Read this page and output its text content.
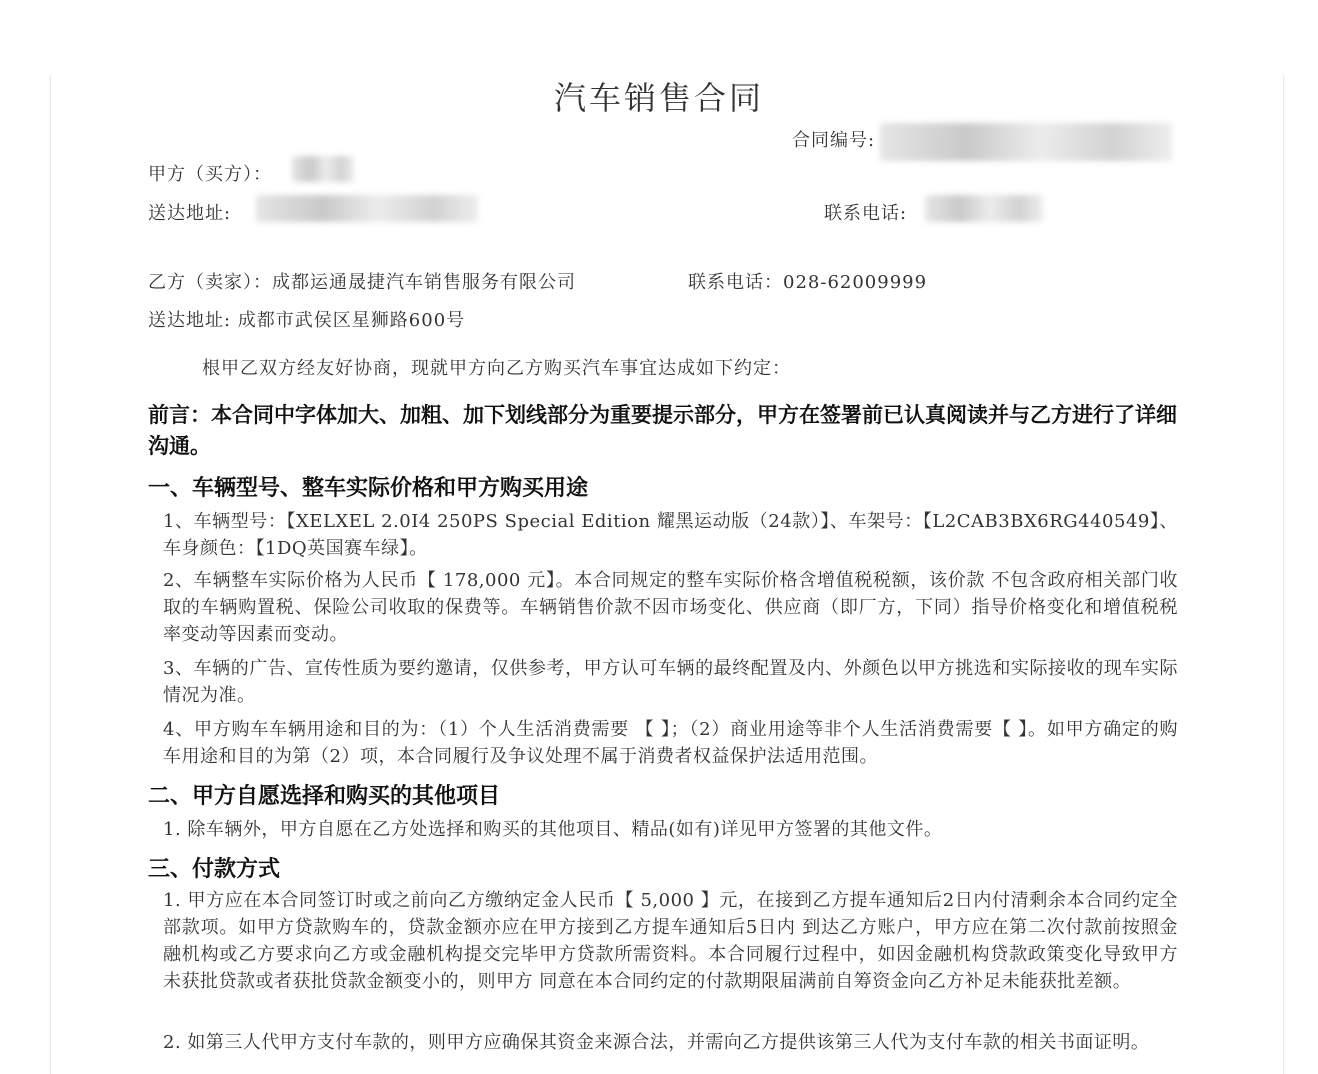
汽车销售合同
合同编号:
甲方（买方）：
送达地址:	联系电话:
乙方（卖家）：成都运通晟捷汽车销售服务有限公司	联系电话：028-62009999
送达地址: 成都市武侯区星狮路600号
根甲乙双方经友好协商，现就甲方向乙方购买汽车事宜达成如下约定：
前言：本合同中字体加大、加粗、加下划线部分为重要提示部分，甲方在签署前已认真阅读并与乙方进行了详细沟通。
一、车辆型号、整车实际价格和甲方购买用途
1、车辆型号：【XELXEL 2.0I4 250PS Special Edition 耀黑运动版（24款）】、车架号：【L2CAB3BX6RG440549】、车身颜色：【1DQ英国赛车绿】。
2、车辆整车实际价格为人民币【 178,000 元】。本合同规定的整车实际价格含增值税税额，该价款 不包含政府相关部门收取的车辆购置税、保险公司收取的保费等。车辆销售价款不因市场变化、供应商（即厂方，下同）指导价格变化和增值税税率变动等因素而变动。
3、车辆的广告、宣传性质为要约邀请，仅供参考，甲方认可车辆的最终配置及内、外颜色以甲方挑选和实际接收的现车实际情况为准。
4、甲方购车车辆用途和目的为：（1）个人生活消费需要 【 】；（2）商业用途等非个人生活消费需要【 】。如甲方确定的购车用途和目的为第（2）项，本合同履行及争议处理不属于消费者权益保护法适用范围。
二、甲方自愿选择和购买的其他项目
1. 除车辆外，甲方自愿在乙方处选择和购买的其他项目、精品(如有)详见甲方签署的其他文件。
三、付款方式
1. 甲方应在本合同签订时或之前向乙方缴纳定金人民币【 5,000 】元，在接到乙方提车通知后2日内付清剩余本合同约定全部款项。如甲方贷款购车的，贷款金额亦应在甲方接到乙方提车通知后5日内 到达乙方账户，甲方应在第二次付款前按照金融机构或乙方要求向乙方或金融机构提交完毕甲方贷款所需资料。本合同履行过程中，如因金融机构贷款政策变化导致甲方未获批贷款或者获批贷款金额变小的，则甲方 同意在本合同约定的付款期限届满前自筹资金向乙方补足未能获批差额。
2. 如第三人代甲方支付车款的，则甲方应确保其资金来源合法，并需向乙方提供该第三人代为支付车款的相关书面证明。
